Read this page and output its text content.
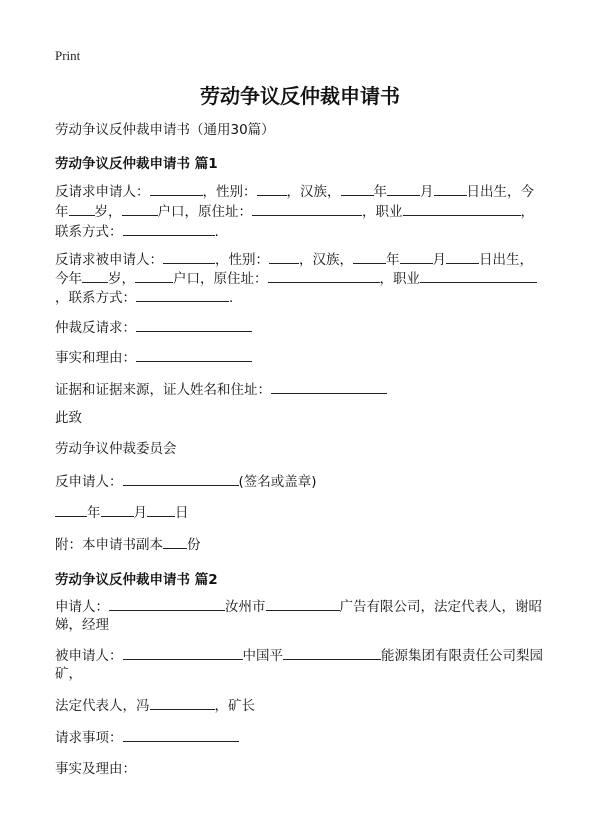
Print
劳动争议反仲裁申请书
劳动争议反仲裁申请书（通用30篇）
劳动争议反仲裁申请书 篇1
反请求申请人：	，性别： ，汉族， 年 月 日出生，今
年 岁，	户口，原住址：	，职业	，
联系方式：	.
反请求被申请人：	，性别： ，汉族， 年 月 日出生，
今年 岁，	户口，原住址：	，职业
，联系方式：	.
仲裁反请求：
事实和理由：
证据和证据来源，证人姓名和住址：
此致
劳动争议仲裁委员会
反申请人：	(签名或盖章)
年 月 日
附：本申请书副本 份
劳动争议反仲裁申请书 篇2
申请人：	汝州市	广告有限公司，法定代表人，谢昭
娣，经理
被申请人：	中国平	能源集团有限责任公司梨园
矿，
法定代表人，冯	，矿长
请求事项：
事实及理由：
